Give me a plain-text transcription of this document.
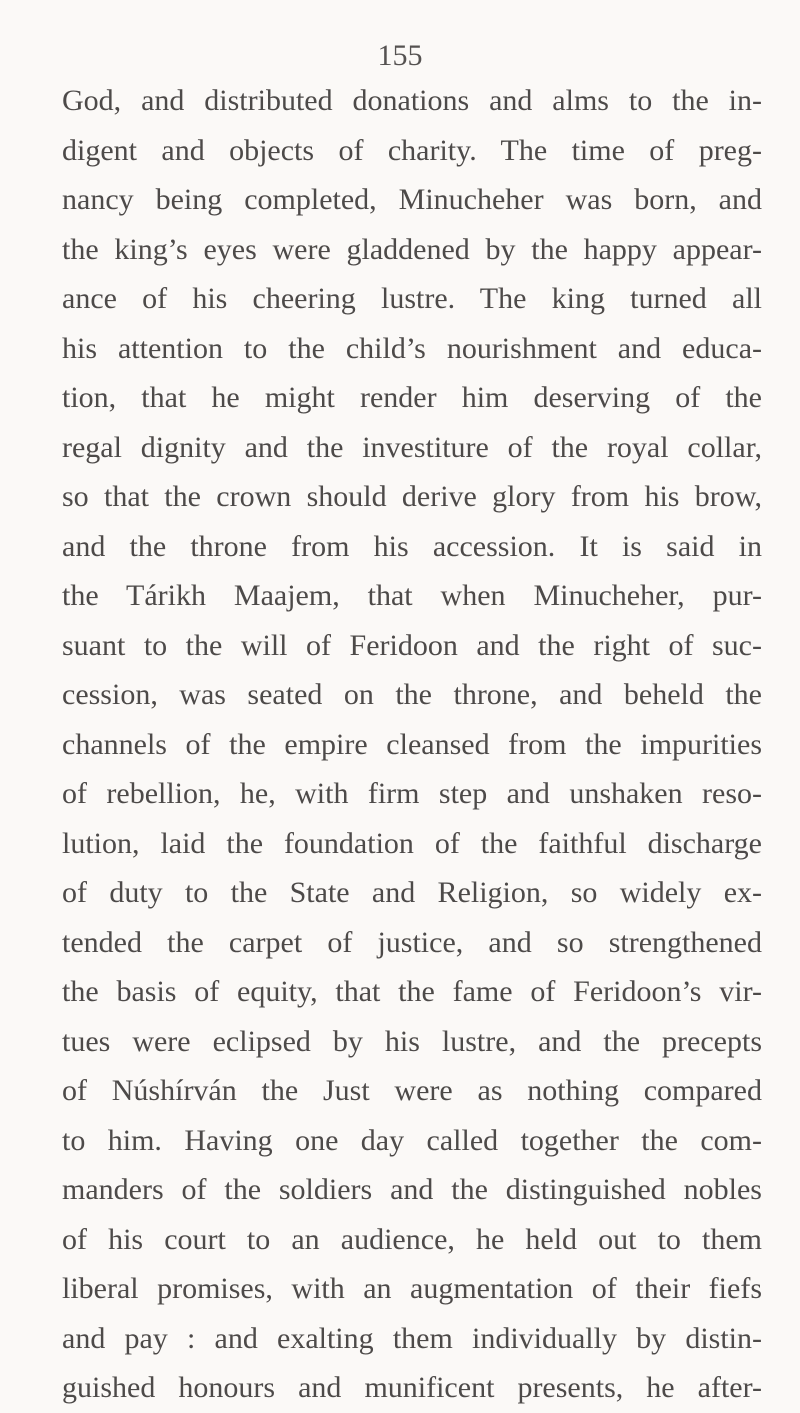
155
God, and distributed donations and alms to the in-
digent and objects of charity. The time of preg-
nancy being completed, Minucheher was born, and
the king’s eyes were gladdened by the happy appear-
ance of his cheering lustre. The king turned all
his attention to the child’s nourishment and educa-
tion, that he might render him deserving of the
regal dignity and the investiture of the royal collar,
so that the crown should derive glory from his brow,
and the throne from his accession. It is said in
the Tárikh Maajem, that when Minucheher, pur-
suant to the will of Feridoon and the right of suc-
cession, was seated on the throne, and beheld the
channels of the empire cleansed from the impurities
of rebellion, he, with firm step and unshaken reso-
lution, laid the foundation of the faithful discharge
of duty to the State and Religion, so widely ex-
tended the carpet of justice, and so strengthened
the basis of equity, that the fame of Feridoon’s vir-
tues were eclipsed by his lustre, and the precepts
of Núshírván the Just were as nothing compared
to him. Having one day called together the com-
manders of the soldiers and the distinguished nobles
of his court to an audience, he held out to them
liberal promises, with an augmentation of their fiefs
and pay : and exalting them individually by distin-
guished honours and munificent presents, he after-
